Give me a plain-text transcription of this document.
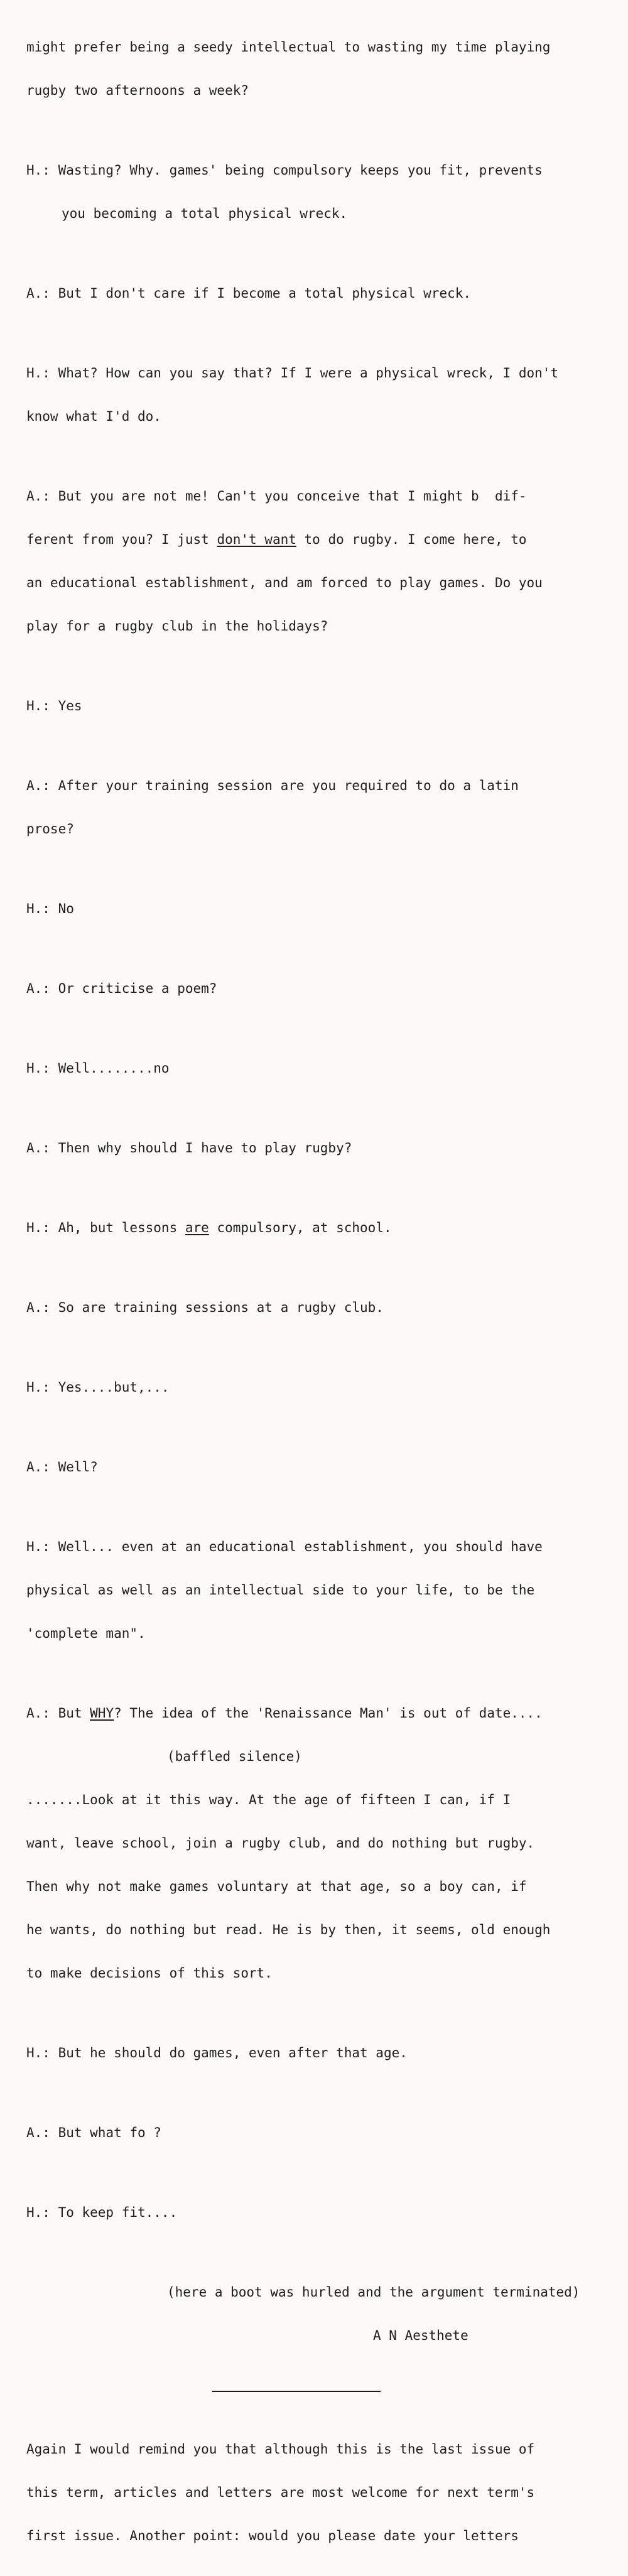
might prefer being a seedy intellectual to wasting my time playing

rugby two afternoons a week?

H.: Wasting? Why. games' being compulsory keeps you fit, prevents

you becoming a total physical wreck.

A.: But I don't care if I become a total physical wreck.

H.: What? How can you say that? If I were a physical wreck, I don't

know what I'd do.

A.: But you are not me! Can't you conceive that I might b  dif-

ferent from you? I just don't want to do rugby. I come here, to

an educational establishment, and am forced to play games. Do you

play for a rugby club in the holidays?

H.: Yes

A.: After your training session are you required to do a latin

prose?

H.: No

A.: Or criticise a poem?

H.: Well........no

A.: Then why should I have to play rugby?

H.: Ah, but lessons are compulsory, at school.

A.: So are training sessions at a rugby club.

H.: Yes....but,...

A.: Well?

H.: Well... even at an educational establishment, you should have

physical as well as an intellectual side to your life, to be the

'complete man".

A.: But WHY? The idea of the 'Renaissance Man' is out of date....

(baffled silence)

.......Look at it this way. At the age of fifteen I can, if I

want, leave school, join a rugby club, and do nothing but rugby.

Then why not make games voluntary at that age, so a boy can, if

he wants, do nothing but read. He is by then, it seems, old enough

to make decisions of this sort.

H.: But he should do games, even after that age.

A.: But what fo ?

H.: To keep fit....

(here a boot was hurled and the argument terminated)

A N Aesthete

Again I would remind you that although this is the last issue of

this term, articles and letters are most welcome for next term's

first issue. Another point: would you please date your letters
